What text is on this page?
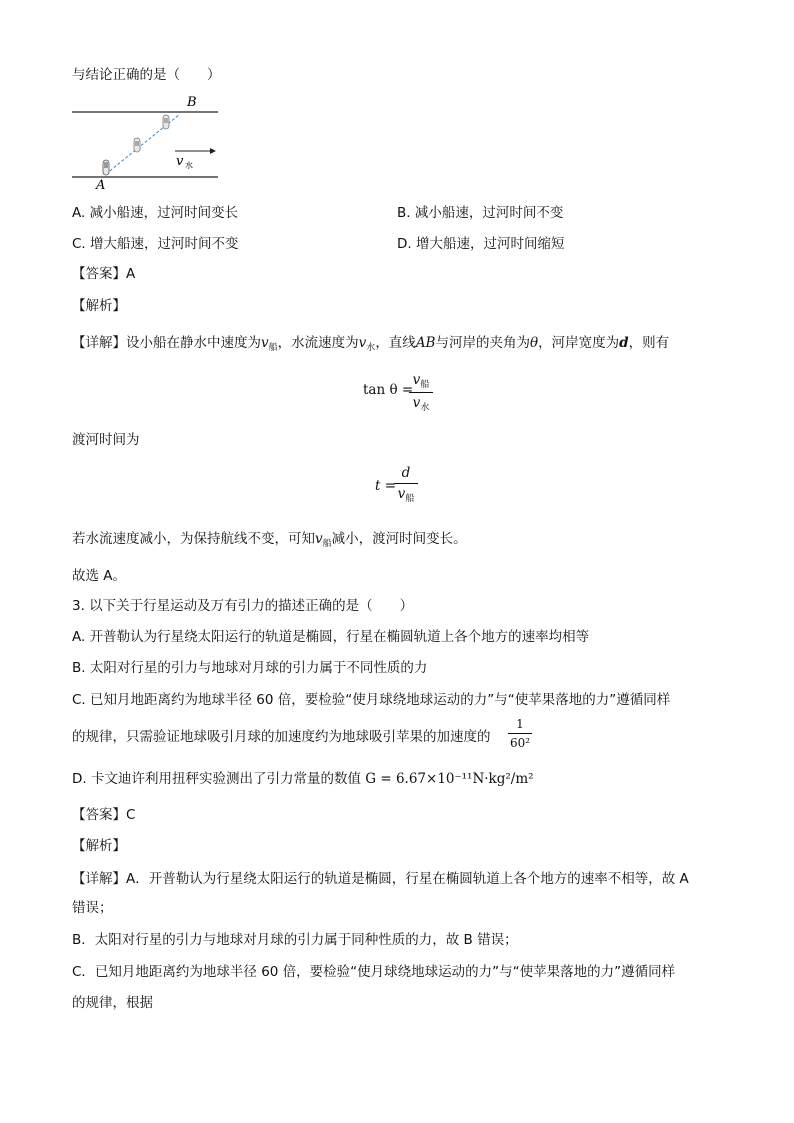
与结论正确的是（　　）
v 水
A
B
A. 减小船速，过河时间变长	B. 减小船速，过河时间不变
C. 增大船速，过河时间不变	D. 增大船速，过河时间缩短
【答案】A
【解析】
【详解】设小船在静水中速度为$v_船$，水流速度为$v_水$，直线AB与河岸的夹角为θ，河岸宽度为d，则有
tan θ =
$v_船$
$v_水$
渡河时间为
t =
d
$v_船$
若水流速度减小，为保持航线不变，可知$v_船$减小，渡河时间变长。
故选 A。
3. 以下关于行星运动及万有引力的描述正确的是（　　）
A. 开普勒认为行星绕太阳运行的轨道是椭圆，行星在椭圆轨道上各个地方的速率均相等
B. 太阳对行星的引力与地球对月球的引力属于不同性质的力
C. 已知月地距离约为地球半径 60 倍，要检验“使月球绕地球运动的力”与“使苹果落地的力”遵循同样
的规律，只需验证地球吸引月球的加速度约为地球吸引苹果的加速度的
1
60²
D. 卡文迪许利用扭秤实验测出了引力常量的数值 G = 6.67×10⁻¹¹N·kg²/m²
【答案】C
【解析】
【详解】A．开普勒认为行星绕太阳运行的轨道是椭圆，行星在椭圆轨道上各个地方的速率不相等，故 A
错误；
B．太阳对行星的引力与地球对月球的引力属于同种性质的力，故 B 错误；
C．已知月地距离约为地球半径 60 倍，要检验“使月球绕地球运动的力”与“使苹果落地的力”遵循同样
的规律，根据
